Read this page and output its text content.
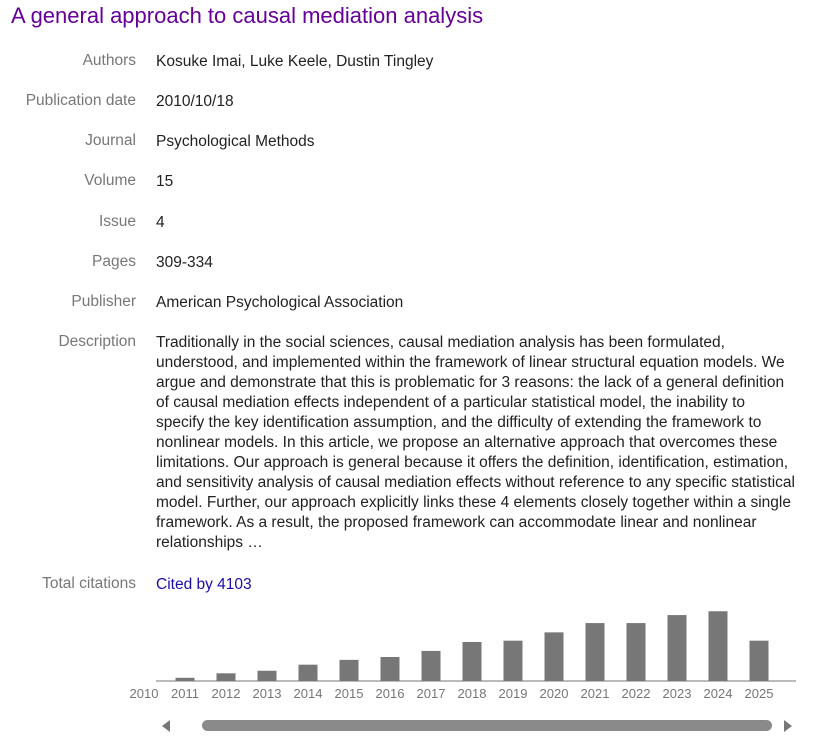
A general approach to causal mediation analysis
Authors Kosuke Imai, Luke Keele, Dustin Tingley
Publication date 2010/10/18
Journal Psychological Methods
Volume 15
Issue 4
Pages 309-334
Publisher American Psychological Association
Description Traditionally in the social sciences, causal mediation analysis has been formulated, understood, and implemented within the framework of linear structural equation models. We argue and demonstrate that this is problematic for 3 reasons: the lack of a general definition of causal mediation effects independent of a particular statistical model, the inability to specify the key identification assumption, and the difficulty of extending the framework to nonlinear models. In this article, we propose an alternative approach that overcomes these limitations. Our approach is general because it offers the definition, identification, estimation, and sensitivity analysis of causal mediation effects without reference to any specific statistical model. Further, our approach explicitly links these 4 elements closely together within a single framework. As a result, the proposed framework can accommodate linear and nonlinear relationships …
Total citations Cited by 4103
2010 2011 2012 2013 2014 2015 2016 2017 2018 2019 2020 2021 2022 2023 2024 2025
